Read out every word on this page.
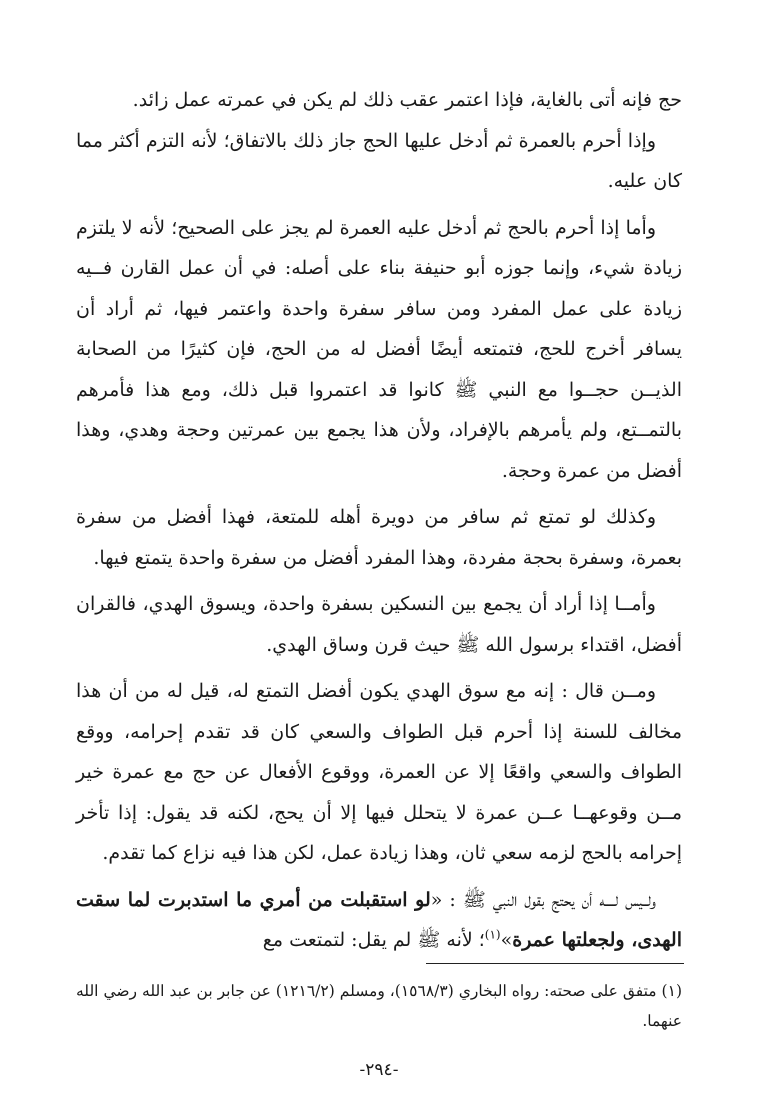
حج فإنه أتى بالغاية، فإذا اعتمر عقب ذلك لم يكن في عمرته عمل زائد.

وإذا أحرم بالعمرة ثم أدخل عليها الحج جاز ذلك بالاتفاق؛ لأنه التزم أكثر مما كان عليه.

وأما إذا أحرم بالحج ثم أدخل عليه العمرة لم يجز على الصحيح؛ لأنه لا يلتزم زيادة شيء، وإنما جوزه أبو حنيفة بناء على أصله: في أن عمل القارن فــيه زيادة على عمل المفرد ومن سافر سفرة واحدة واعتمر فيها، ثم أراد أن يسافر أخرج للحج، فتمتعه أيضًا أفضل له من الحج، فإن كثيرًا من الصحابة الذيــن حجــوا مع النبي ﷺ كانوا قد اعتمروا قبل ذلك، ومع هذا فأمرهم بالتمــتع، ولم يأمرهم بالإفراد، ولأن هذا يجمع بين عمرتين وحجة وهدي، وهذا أفضل من عمرة وحجة.

وكذلك لو تمتع ثم سافر من دويرة أهله للمتعة، فهذا أفضل من سفرة بعمرة، وسفرة بحجة مفردة، وهذا المفرد أفضل من سفرة واحدة يتمتع فيها.

وأمــا إذا أراد أن يجمع بين النسكين بسفرة واحدة، ويسوق الهدي، فالقران أفضل، اقتداء برسول الله ﷺ حيث قرن وساق الهدي.

ومــن قال : إنه مع سوق الهدي يكون أفضل التمتع له، قيل له من أن هذا مخالف للسنة إذا أحرم قبل الطواف والسعي كان قد تقدم إحرامه، ووقع الطواف والسعي واقعًا إلا عن العمرة، ووقوع الأفعال عن حج مع عمرة خير مــن وقوعهــا عــن عمرة لا يتحلل فيها إلا أن يحج، لكنه قد يقول: إذا تأخر إحرامه بالحج لزمه سعي ثان، وهذا زيادة عمل، لكن هذا فيه نزاع كما تقدم.

ولــيس لــــه أن يحتج بقول النبي ﷺ : «لو استقبلت من أمري ما استدبرت لما سقت الهدى، ولجعلتها عمرة»$^{(١)}$؛ لأنه ﷺ لم يقل: لتمتعت مع

(١) متفق على صحته: رواه البخاري (١٥٦٨/٣)، ومسلم (١٢١٦/٢) عن جابر بن عبد الله رضي الله عنهما.

-٢٩٤-
